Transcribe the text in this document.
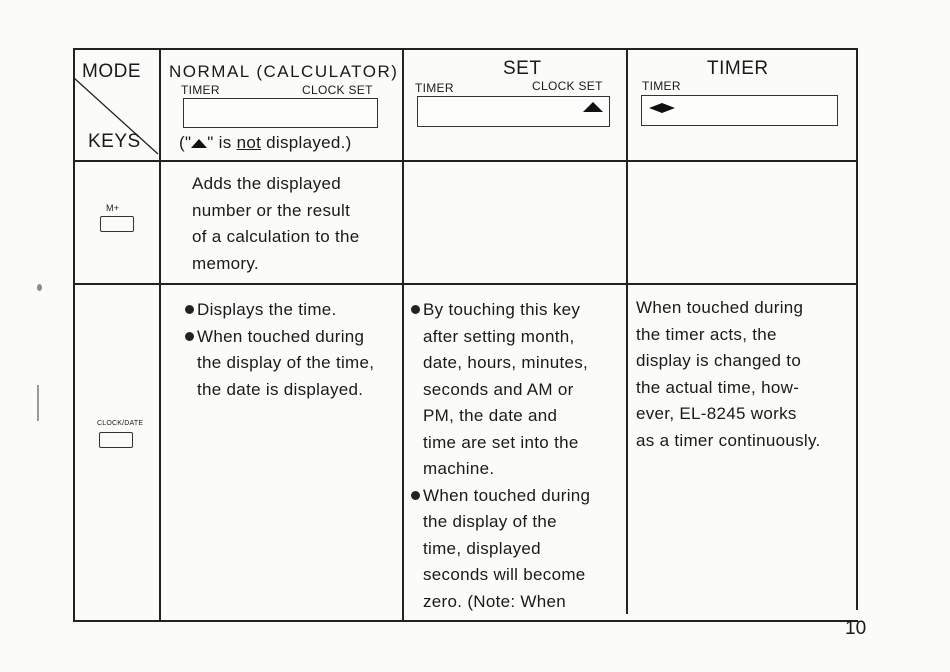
MODE
KEYS
NORMAL (CALCULATOR)
TIMER	CLOCK SET
(" " is not displayed.)
SET
TIMER	CLOCK SET
TIMER
TIMER
M+
Adds the displayed
number or the result
of a calculation to the
memory.
CLOCK/DATE
Displays the time.
When touched during
the display of the time,
the date is displayed.
By touching this key
after setting month,
date, hours, minutes,
seconds and AM or
PM, the date and
time are set into the
machine.
When touched during
the display of the
time, displayed
seconds will become
zero. (Note: When
When touched during
the timer acts, the
display is changed to
the actual time, how-
ever, EL-8245 works
as a timer continuously.
10
